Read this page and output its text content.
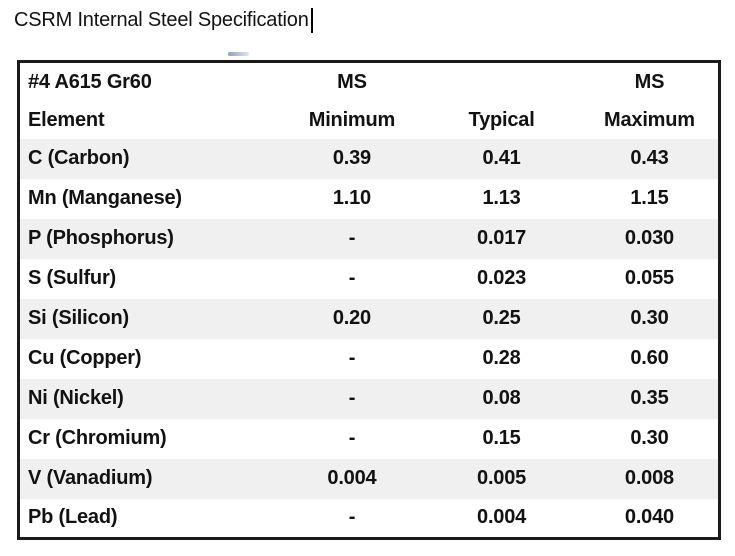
CSRM Internal Steel Specification
#4 A615 Gr60	MS		MS
Element	Minimum	Typical	Maximum
C (Carbon)	0.39	0.41	0.43
Mn (Manganese)	1.10	1.13	1.15
P (Phosphorus)	-	0.017	0.030
S (Sulfur)	-	0.023	0.055
Si (Silicon)	0.20	0.25	0.30
Cu (Copper)	-	0.28	0.60
Ni (Nickel)	-	0.08	0.35
Cr (Chromium)	-	0.15	0.30
V (Vanadium)	0.004	0.005	0.008
Pb (Lead)	-	0.004	0.040
